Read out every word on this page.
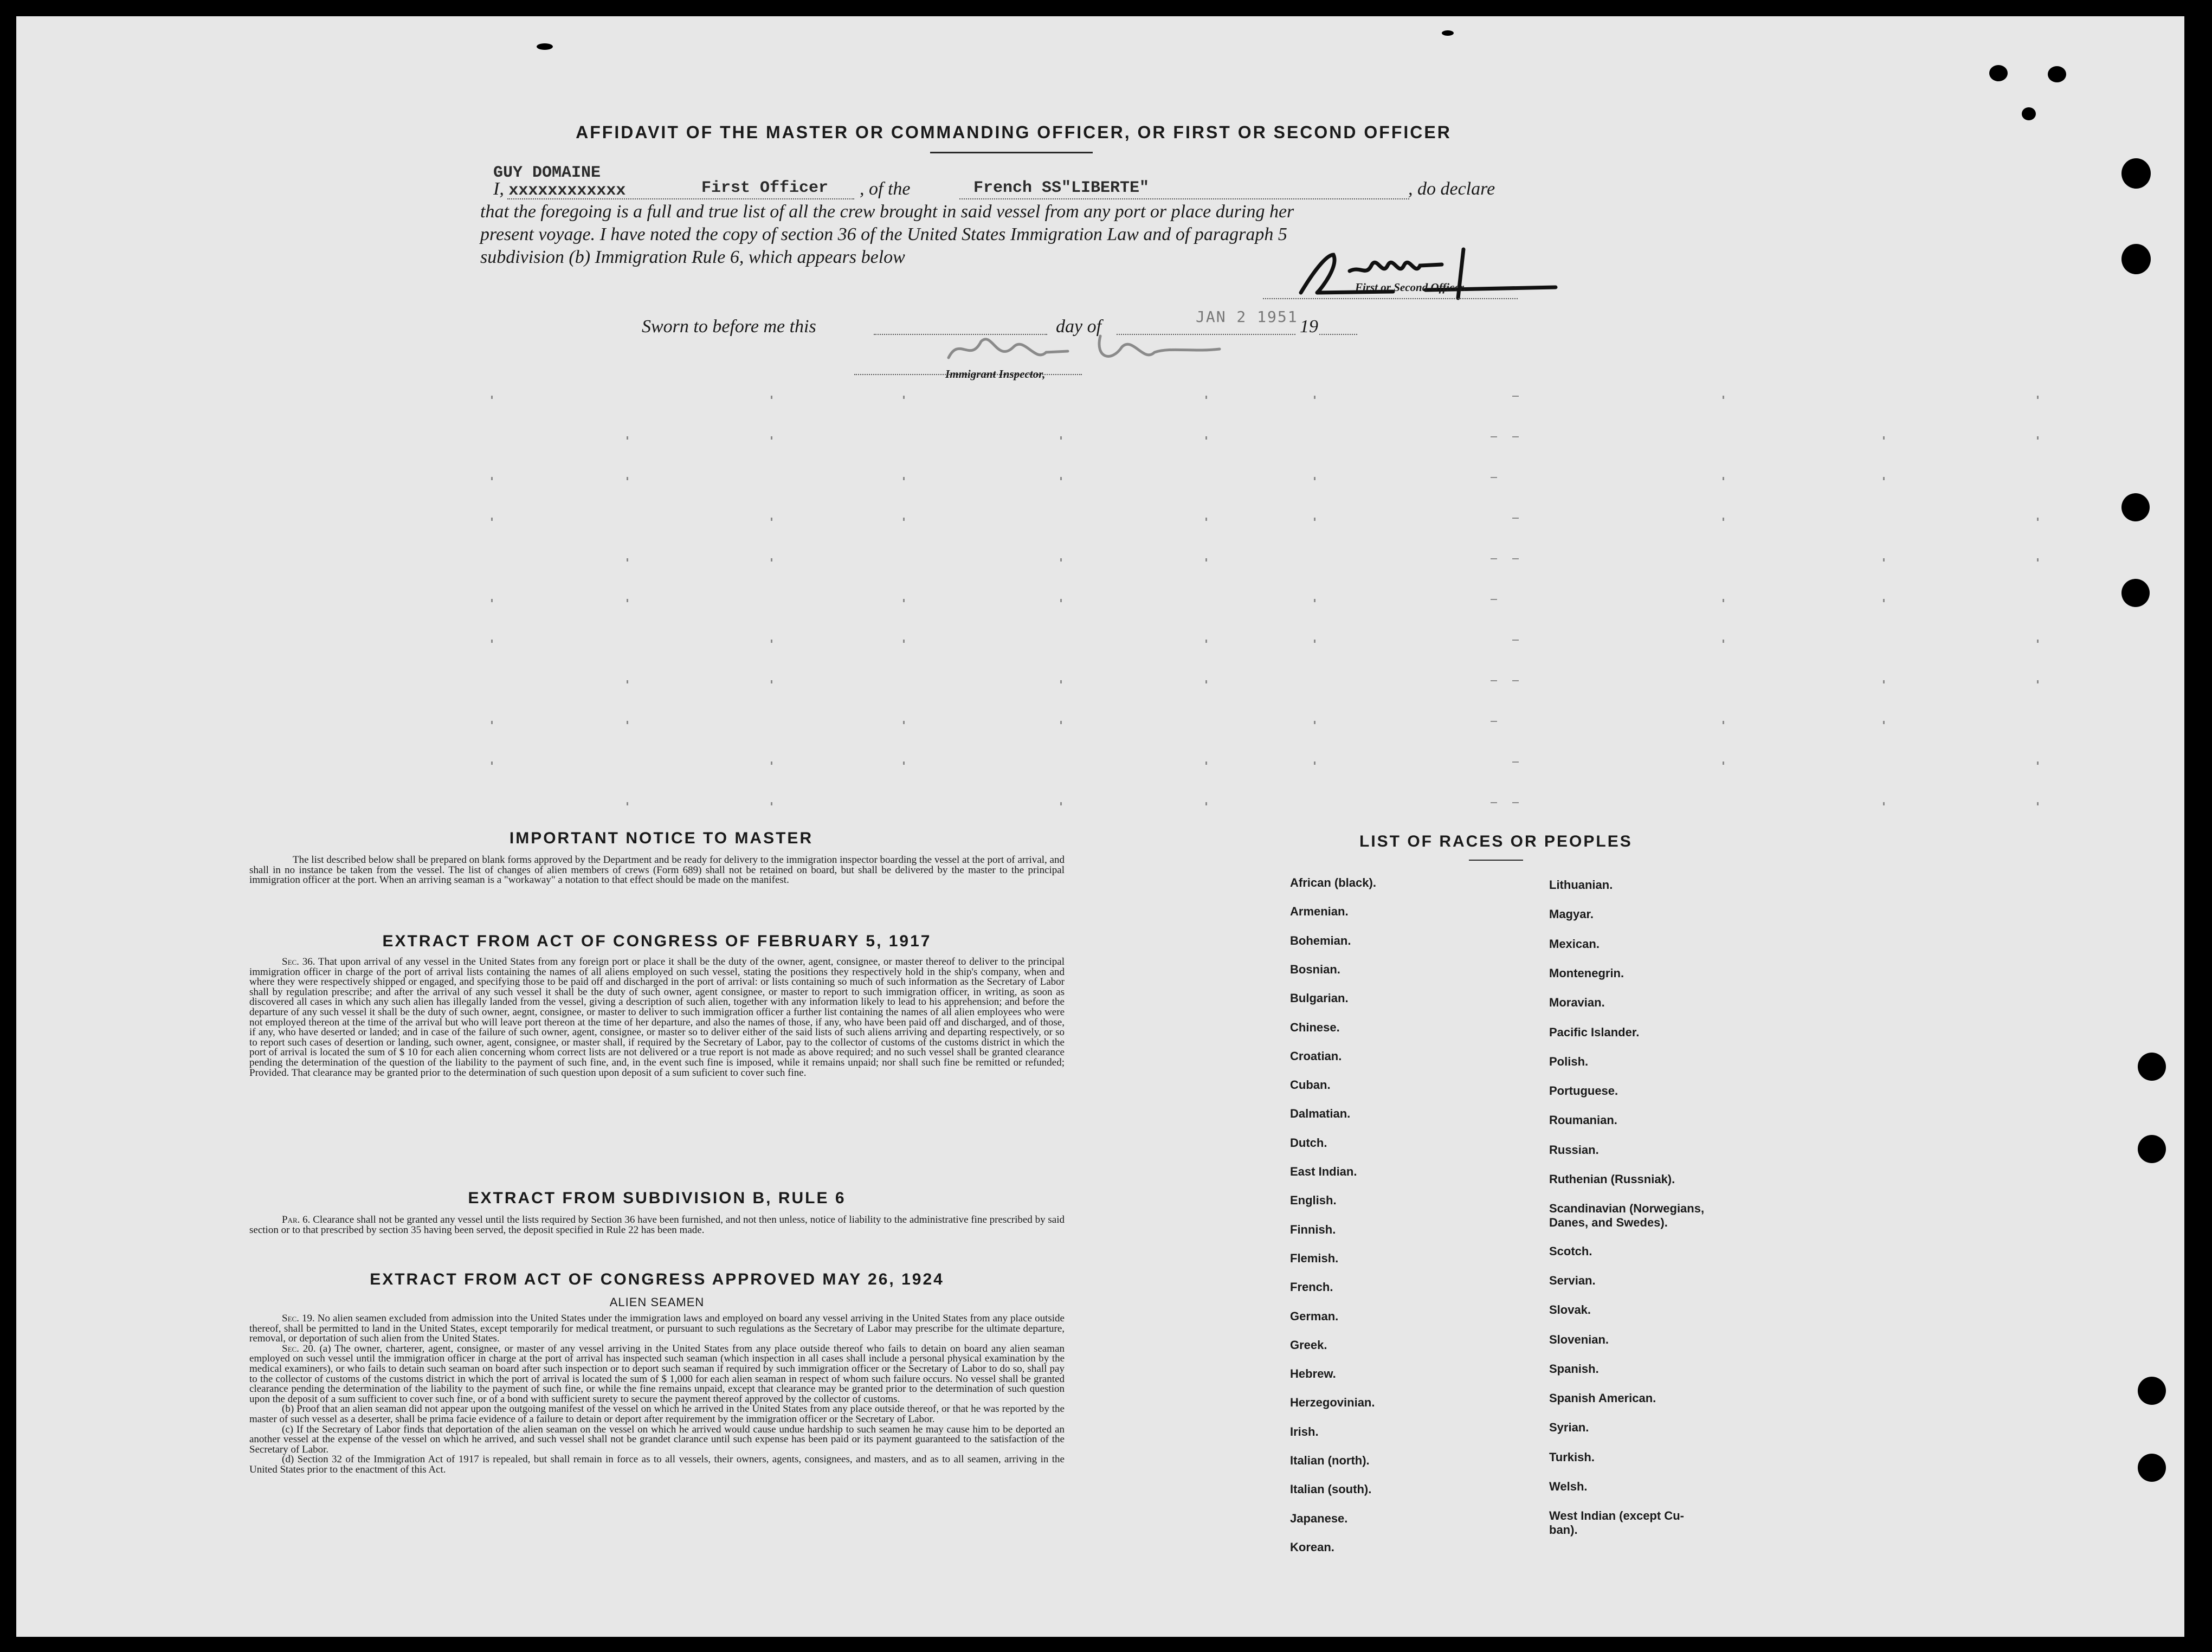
AFFIDAVIT OF THE MASTER OR COMMANDING OFFICER, OR FIRST OR SECOND OFFICER
GUY DOMAINE
I, xxxxxxxxxxxx	First Officer , of the	French SS"LIBERTE"	, do declare
that the foregoing is a full and true list of all the crew brought in said vessel from any port or place during her
present voyage. I have noted the copy of section 36 of the United States Immigration Law and of paragraph 5
subdivision (b) Immigration Rule 6, which appears below
First or Second Officer.
Sworn to before me this	day of	JAN 2 1951 19
Immigrant Inspector,
IMPORTANT NOTICE TO MASTER
The list described below shall be prepared on blank forms approved by the Department and be ready for delivery to the immigration inspector boarding the vessel at the port of arrival, and shall in no instance be taken from the vessel. The list of changes of alien members of crews (Form 689) shall not be retained on board, but shall be delivered by the master to the principal immigration officer at the port. When an arriving seaman is a "workaway" a notation to that effect should be made on the manifest.
EXTRACT FROM ACT OF CONGRESS OF FEBRUARY 5, 1917
Sec. 36. That upon arrival of any vessel in the United States from any foreign port or place it shall be the duty of the owner, agent, consignee, or master thereof to deliver to the principal immigration officer in charge of the port of arrival lists containing the names of all aliens employed on such vessel, stating the positions they respectively hold in the ship's company, when and where they were respectively shipped or engaged, and specifying those to be paid off and discharged in the port of arrival: or lists containing so much of such information as the Secretary of Labor shall by regulation prescribe; and after the arrival of any such vessel it shall be the duty of such owner, agent consignee, or master to report to such immigration officer, in writing, as soon as discovered all cases in which any such alien has illegally landed from the vessel, giving a description of such alien, together with any information likely to lead to his apprehension; and before the departure of any such vessel it shall be the duty of such owner, aegnt, consignee, or master to deliver to such immigration officer a further list containing the names of all alien employees who were not employed thereon at the time of the arrival but who will leave port thereon at the time of her departure, and also the names of those, if any, who have been paid off and discharged, and of those, if any, who have deserted or landed; and in case of the failure of such owner, agent, consignee, or master so to deliver either of the said lists of such aliens arriving and departing respectively, or so to report such cases of desertion or landing, such owner, agent, consignee, or master shall, if required by the Secretary of Labor, pay to the collector of customs of the customs district in which the port of arrival is located the sum of $ 10 for each alien concerning whom correct lists are not delivered or a true report is not made as above required; and no such vessel shall be granted clearance pending the determination of the question of the liability to the payment of such fine, and, in the event such fine is imposed, while it remains unpaid; nor shall such fine be remitted or refunded; Provided. That clearance may be granted prior to the determination of such question upon deposit of a sum suficient to cover such fine.
EXTRACT FROM SUBDIVISION B, RULE 6
Par. 6. Clearance shall not be granted any vessel until the lists required by Section 36 have been furnished, and not then unless, notice of liability to the administrative fine prescribed by said section or to that prescribed by section 35 having been served, the deposit specified in Rule 22 has been made.
EXTRACT FROM ACT OF CONGRESS APPROVED MAY 26, 1924
ALIEN SEAMEN
Sec. 19. No alien seamen excluded from admission into the United States under the immigration laws and employed on board any vessel arriving in the United States from any place outside thereof, shall be permitted to land in the United States, except temporarily for medical treatment, or pursuant to such regulations as the Secretary of Labor may prescribe for the ultimate departure, removal, or deportation of such alien from the United States.
Sec. 20. (a) The owner, charterer, agent, consignee, or master of any vessel arriving in the United States from any place outside thereof who fails to detain on board any alien seaman employed on such vessel until the immigration officer in charge at the port of arrival has inspected such seaman (which inspection in all cases shall include a personal physical examination by the medical examiners), or who fails to detain such seaman on board after such inspection or to deport such seaman if required by such immigration officer or the Secretary of Labor to do so, shall pay to the collector of customs of the customs district in which the port of arrival is located the sum of $ 1,000 for each alien seaman in respect of whom such failure occurs. No vessel shall be granted clearance pending the determination of the liability to the payment of such fine, or while the fine remains unpaid, except that clearance may be granted prior to the determination of such question upon the deposit of a sum sufficient to cover such fine, or of a bond with sufficient surety to secure the payment thereof approved by the collector of customs.
(b) Proof that an alien seaman did not appear upon the outgoing manifest of the vessel on which he arrived in the United States from any place outside thereof, or that he was reported by the master of such vessel as a deserter, shall be prima facie evidence of a failure to detain or deport after requirement by the immigration officer or the Secretary of Labor.
(c) If the Secretary of Labor finds that deportation of the alien seaman on the vessel on which he arrived would cause undue hardship to such seamen he may cause him to be deported an another vessel at the expense of the vessel on which he arrived, and such vessel shall not be grandet clarance until such expense has been paid or its payment guaranteed to the satisfaction of the Secretary of Labor.
(d) Section 32 of the Immigration Act of 1917 is repealed, but shall remain in force as to all vessels, their owners, agents, consignees, and masters, and as to all seamen, arriving in the United States prior to the enactment of this Act.
LIST OF RACES OR PEOPLES
African (black).
Armenian.
Bohemian.
Bosnian.
Bulgarian.
Chinese.
Croatian.
Cuban.
Dalmatian.
Dutch.
East Indian.
English.
Finnish.
Flemish.
French.
German.
Greek.
Hebrew.
Herzegovinian.
Irish.
Italian (north).
Italian (south).
Japanese.
Korean.
Lithuanian.
Magyar.
Mexican.
Montenegrin.
Moravian.
Pacific Islander.
Polish.
Portuguese.
Roumanian.
Russian.
Ruthenian (Russniak).
Scandinavian (Norwegians,
Danes, and Swedes).
Scotch.
Servian.
Slovak.
Slovenian.
Spanish.
Spanish American.
Syrian.
Turkish.
Welsh.
West Indian (except Cu-
ban).
